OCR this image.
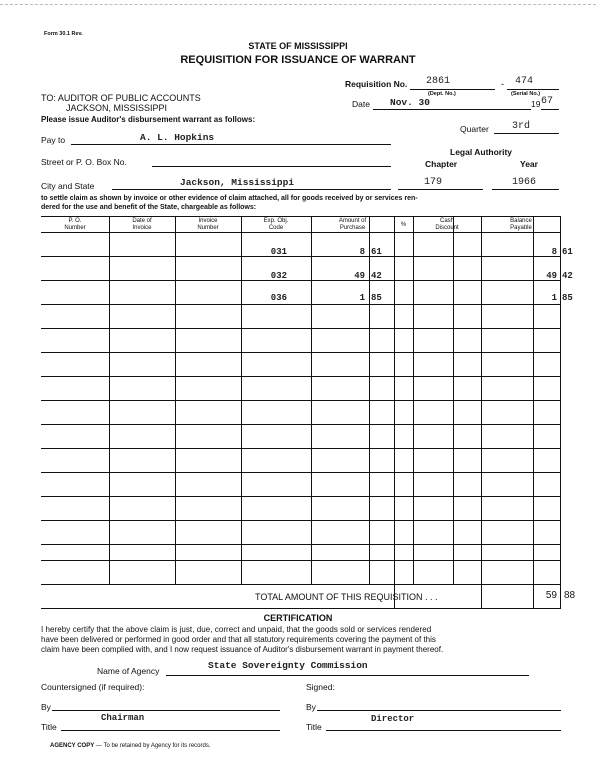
Form 30.1 Rev.
STATE OF MISSISSIPPI
REQUISITION FOR ISSUANCE OF WARRANT
Requisition No. 2861	- 474
(Dept. No.)	(Serial No.)
TO: AUDITOR OF PUBLIC ACCOUNTS
JACKSON, MISSISSIPPI	Date Nov. 30	19 67
Please issue Auditor's disbursement warrant as follows:
Quarter 3rd
Pay to	A. L. Hopkins
Legal Authority
Chapter	Year
Street or P. O. Box No.
City and State	Jackson, Mississippi	179	1966
to settle claim as shown by invoice or other evidence of claim attached, all for goods received by or services ren-
dered for the use and benefit of the State, chargeable as follows:
P. O.
Number
Date of
Invoice
Invoice
Number
Exp. Obj.
Code
Amount of
Purchase	%
Cash
Discount
Balance
Payable
031	8 61	8 61
032	49 42	49 42
036	1 85	1 85
TOTAL AMOUNT OF THIS REQUISITION . . .	59 88
CERTIFICATION
I hereby certify that the above claim is just, due, correct and unpaid, that the goods sold or services rendered
have been delivered or performed in good order and that all statutory requirements covering the payment of this
claim have been complied with, and I now request issuance of Auditor's disbursement warrant in payment thereof.
Name of Agency	State Sovereignty Commission
Countersigned (if required):	Signed:
By	By
Title
Chairman
Title
Director
AGENCY COPY — To be retained by Agency for its records.
